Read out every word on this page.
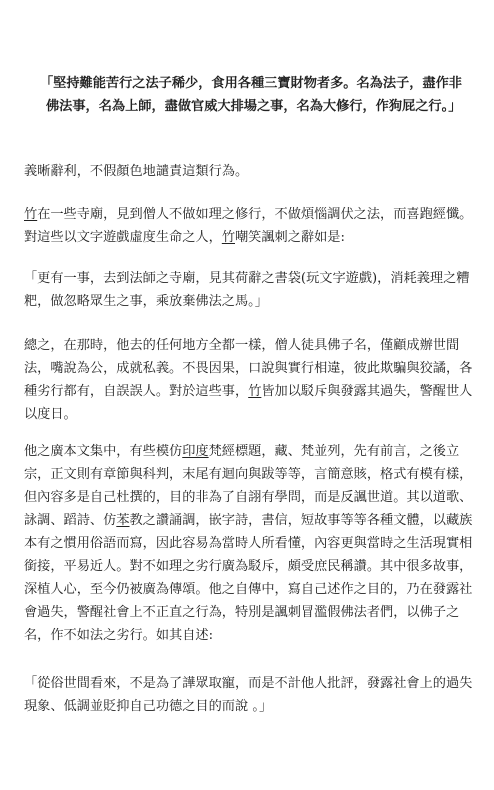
「堅持難能苦行之法子稀少，食用各種三寶財物者多。名為法子，盡作非佛法事，名為上師，盡做官威大排場之事，名為大修行，作狗屁之行。」

義晰辭利，不假顏色地譴責這類行為。

竹在一些寺廟，見到僧人不做如理之修行，不做煩惱調伏之法，而喜跑經懺。對這些以文字遊戲虛度生命之人，竹嘲笑諷刺之辭如是:

「更有一事，去到法師之寺廟，見其荷辭之書袋(玩文字遊戲)，消耗義理之糟粑，做忽略眾生之事，乘放棄佛法之馬。」

總之，在那時，他去的任何地方全都一樣，僧人徒具佛子名，僅顧成辦世間法，嘴說為公，成就私義。不畏因果，口說與實行相違，彼此欺騙與狡譎，各種劣行都有，自誤誤人。對於這些事，竹皆加以駁斥與發露其過失，警醒世人以度日。

他之廣本文集中，有些模仿印度梵經標題，藏、梵並列，先有前言，之後立宗，正文則有章節與科判，末尾有迴向與跋等等，言簡意賅，格式有模有樣，但內容多是自己杜撰的，目的非為了自詡有學問，而是反諷世道。其以道歌、詠調、蹈詩、仿苯教之讚誦調，嵌字詩，書信，短故事等等各種文體，以藏族本有之慣用俗語而寫，因此容易為當時人所看懂，內容更與當時之生活現實相銜接，平易近人。對不如理之劣行廣為駁斥，頗受庶民稱讚。其中很多故事，深植人心，至今仍被廣為傳頌。他之自傳中，寫自己述作之目的，乃在發露社會過失，警醒社會上不正直之行為，特別是諷刺冒濫假佛法者們，以佛子之名，作不如法之劣行。如其自述:

「從俗世間看來，不是為了譁眾取寵，而是不計他人批評，發露社會上的過失現象、低調並貶抑自己功德之目的而說 。」
